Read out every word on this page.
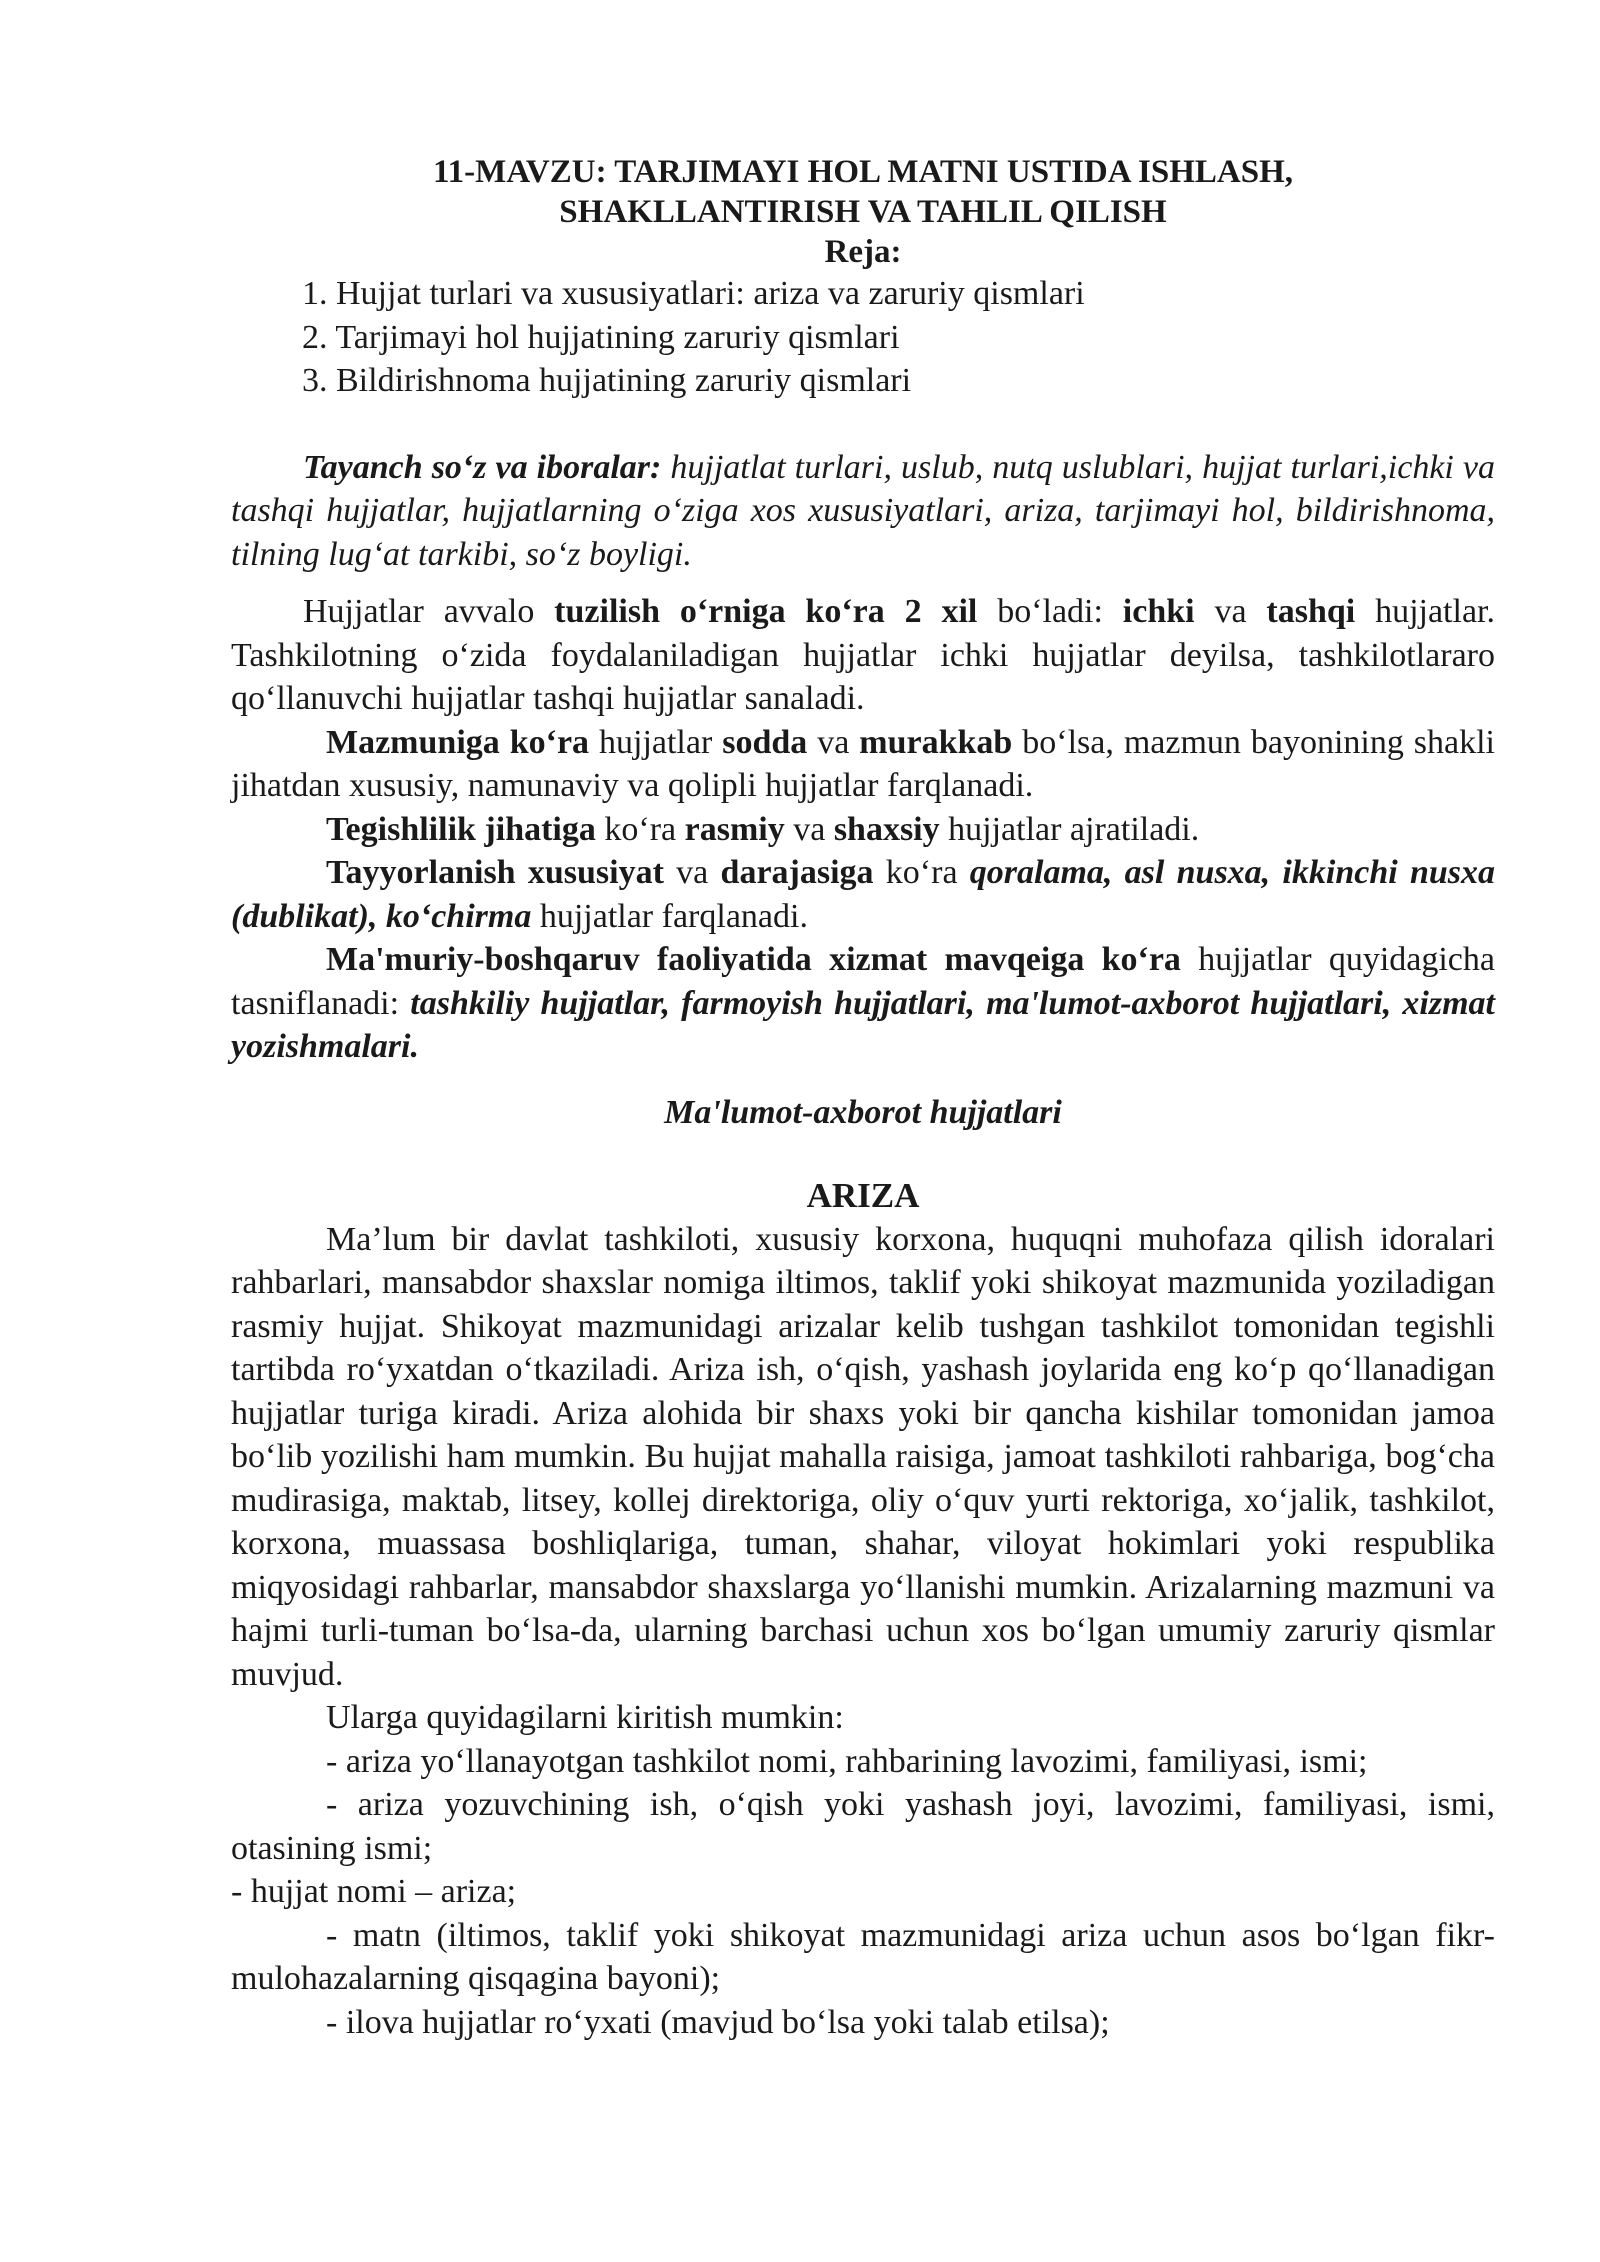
11-MAVZU: TARJIMAYI HOL MATNI USTIDA ISHLASH,
SHAKLLANTIRISH VA TAHLIL QILISH
Reja:
1. Hujjat turlari va xususiyatlari: ariza va zaruriy qismlari
2. Tarjimayi hol hujjatining zaruriy qismlari
3. Bildirishnoma hujjatining zaruriy qismlari

Tayanch so‘z va iboralar: hujjatlat turlari, uslub, nutq uslublari, hujjat turlari,ichki va tashqi hujjatlar, hujjatlarning o‘ziga xos xususiyatlari, ariza, tarjimayi hol, bildirishnoma, tilning lug‘at tarkibi, so‘z boyligi.

Hujjatlar avvalo tuzilish o‘rniga ko‘ra 2 xil bo‘ladi: ichki va tashqi hujjatlar. Tashkilotning o‘zida foydalaniladigan hujjatlar ichki hujjatlar deyilsa, tashkilotlararo qo‘llanuvchi hujjatlar tashqi hujjatlar sanaladi.

Mazmuniga ko‘ra hujjatlar sodda va murakkab bo‘lsa, mazmun bayonining shakli jihatdan xususiy, namunaviy va qolipli hujjatlar farqlanadi.

Tegishlilik jihatiga ko‘ra rasmiy va shaxsiy hujjatlar ajratiladi.

Tayyorlanish xususiyat va darajasiga ko‘ra qoralama, asl nusxa, ikkinchi nusxa (dublikat), ko‘chirma hujjatlar farqlanadi.

Ma'muriy-boshqaruv faoliyatida xizmat mavqeiga ko‘ra hujjatlar quyidagicha tasniflanadi: tashkiliy hujjatlar, farmoyish hujjatlari, ma'lumot-axborot hujjatlari, xizmat yozishmalari.

Ma'lumot-axborot hujjatlari
ARIZA

Ma’lum bir davlat tashkiloti, xususiy korxona, huquqni muhofaza qilish idoralari rahbarlari, mansabdor shaxslar nomiga iltimos, taklif yoki shikoyat mazmunida yoziladigan rasmiy hujjat. Shikoyat mazmunidagi arizalar kelib tushgan tashkilot tomonidan tegishli tartibda ro‘yxatdan o‘tkaziladi. Ariza ish, o‘qish, yashash joylarida eng ko‘p qo‘llanadigan hujjatlar turiga kiradi. Ariza alohida bir shaxs yoki bir qancha kishilar tomonidan jamoa bo‘lib yozilishi ham mumkin. Bu hujjat mahalla raisiga, jamoat tashkiloti rahbariga, bog‘cha mudirasiga, maktab, litsey, kollej direktoriga, oliy o‘quv yurti rektoriga, xo‘jalik, tashkilot, korxona, muassasa boshliqlariga, tuman, shahar, viloyat hokimlari yoki respublika miqyosidagi rahbarlar, mansabdor shaxslarga yo‘llanishi mumkin. Arizalarning mazmuni va hajmi turli-tuman bo‘lsa-da, ularning barchasi uchun xos bo‘lgan umumiy zaruriy qismlar muvjud.

Ularga quyidagilarni kiritish mumkin:

- ariza yo‘llanayotgan tashkilot nomi, rahbarining lavozimi, familiyasi, ismi;

- ariza yozuvchining ish, o‘qish yoki yashash joyi, lavozimi, familiyasi, ismi, otasining ismi;

- hujjat nomi – ariza;

- matn (iltimos, taklif yoki shikoyat mazmunidagi ariza uchun asos bo‘lgan fikr-mulohazalarning qisqagina bayoni);

- ilova hujjatlar ro‘yxati (mavjud bo‘lsa yoki talab etilsa);
